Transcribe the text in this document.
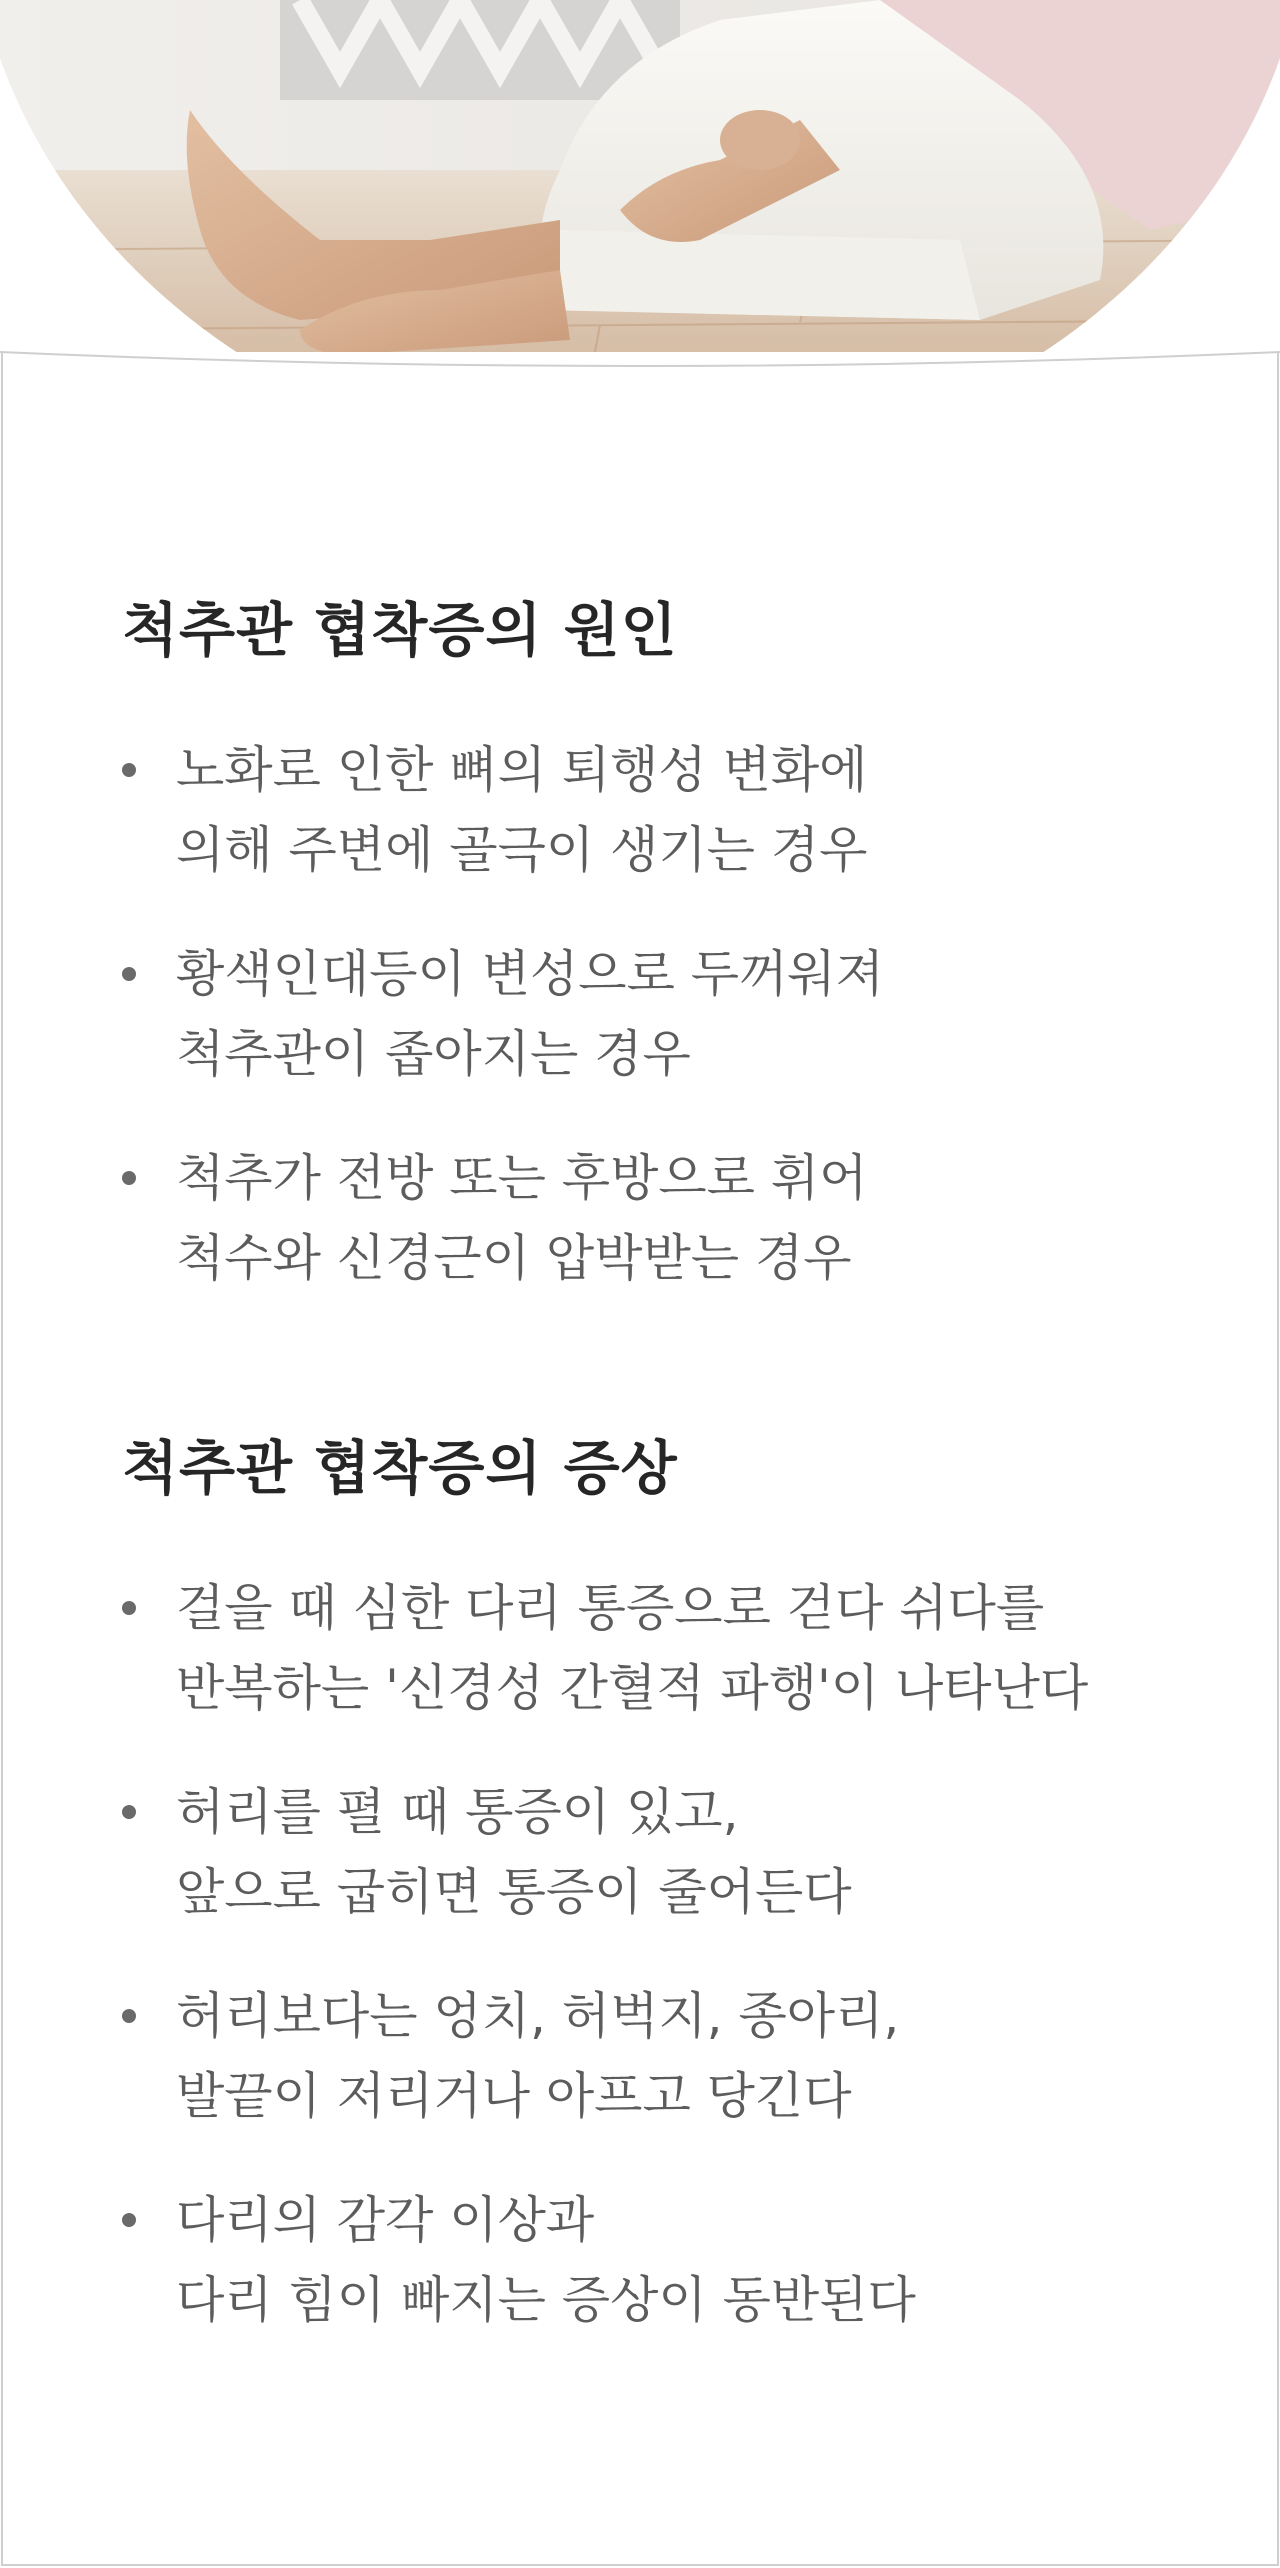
척추관 협착증의 원인
노화로 인한 뼈의 퇴행성 변화에
의해 주변에 골극이 생기는 경우
황색인대등이 변성으로 두꺼워져
척추관이 좁아지는 경우
척추가 전방 또는 후방으로 휘어
척수와 신경근이 압박받는 경우
척추관 협착증의 증상
걸을 때 심한 다리 통증으로 걷다 쉬다를
반복하는 '신경성 간혈적 파행'이 나타난다
허리를 펼 때 통증이 있고,
앞으로 굽히면 통증이 줄어든다
허리보다는 엉치, 허벅지, 종아리,
발끝이 저리거나 아프고 당긴다
다리의 감각 이상과
다리 힘이 빠지는 증상이 동반된다
